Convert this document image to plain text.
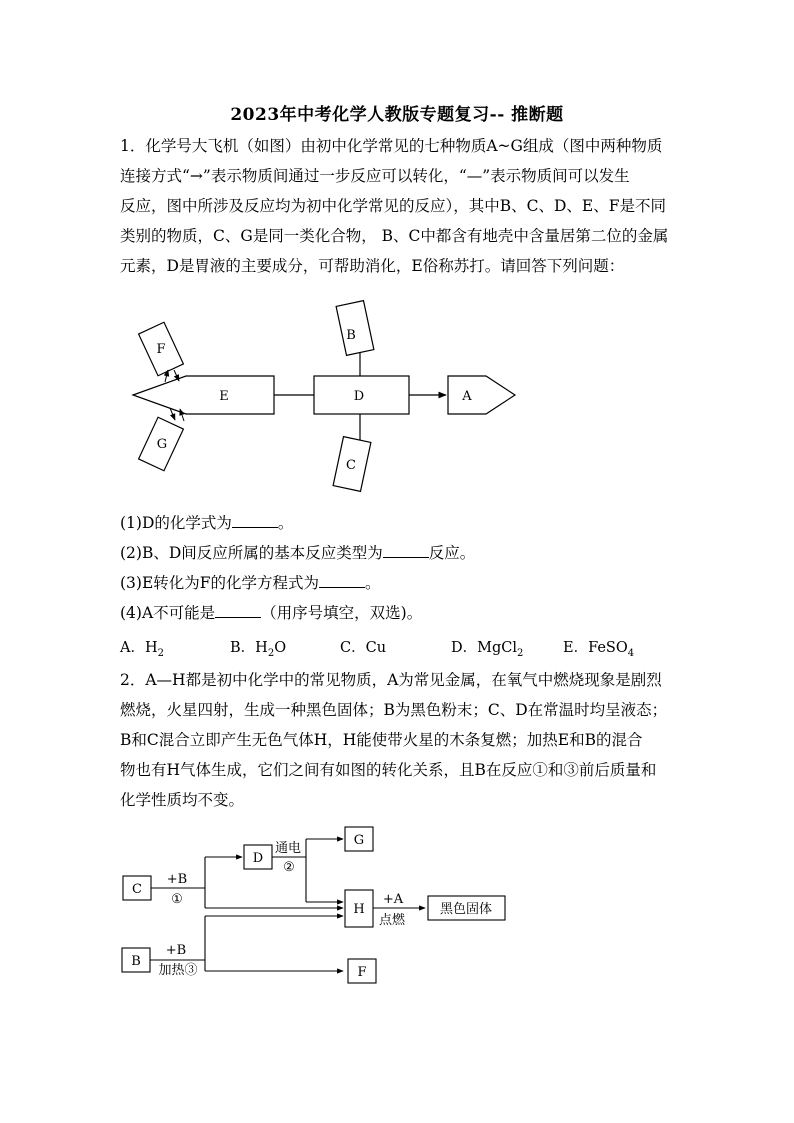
2023年中考化学人教版专题复习-- 推断题
1．化学号大飞机（如图）由初中化学常见的七种物质A~G组成（图中两种物质
连接方式“→”表示物质间通过一步反应可以转化，“—”表示物质间可以发生
反应，图中所涉及反应均为初中化学常见的反应），其中B、C、D、E、F是不同
类别的物质，C、G是同一类化合物， B、C中都含有地壳中含量居第二位的金属
元素，D是胃液的主要成分，可帮助消化，E俗称苏打。请回答下列问题：
E	D	A
B
C
F
G
(1)D的化学式为	。
(2)B、D间反应所属的基本反应类型为	反应。
(3)E转化为F的化学方程式为	。
(4)A不可能是	（用序号填空，双选)。
A．$H_2$	B．$H_2O$	C．Cu	D．MgCl$_2$	E．FeSO$_4$
2．A—H都是初中化学中的常见物质，A为常见金属，在氧气中燃烧现象是剧烈
燃烧，火星四射，生成一种黑色固体；B为黑色粉末；C、D在常温时均呈液态；
B和C混合立即产生无色气体H，H能使带火星的木条复燃；加热E和B的混合
物也有H气体生成，它们之间有如图的转化关系，且B在反应①和③前后质量和
化学性质均不变。
C
+B
①
D
通电
②
G
H
+A
点燃
黑色固体
B
+B
加热③	F
